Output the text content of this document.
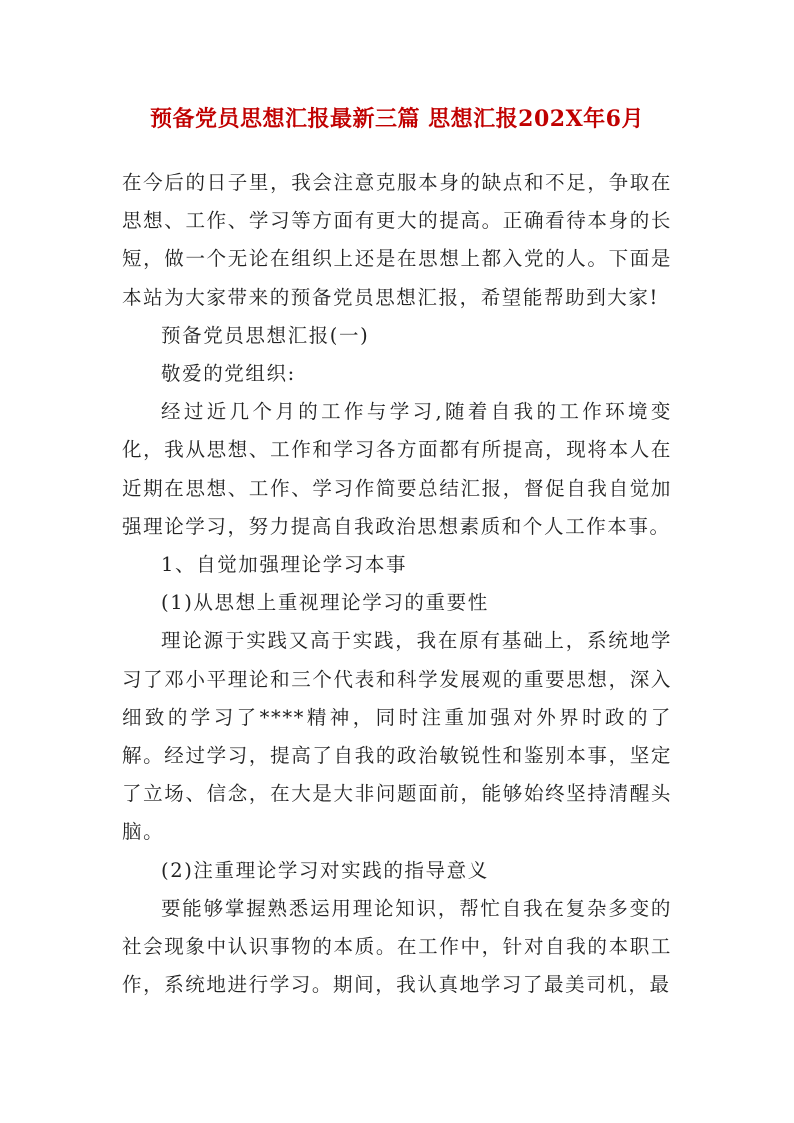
预备党员思想汇报最新三篇 思想汇报202X年6月

在今后的日子里，我会注意克服本身的缺点和不足，争取在思想、工作、学习等方面有更大的提高。正确看待本身的长短，做一个无论在组织上还是在思想上都入党的人。下面是本站为大家带来的预备党员思想汇报，希望能帮助到大家!

预备党员思想汇报(一)

敬爱的党组织:

经过近几个月的工作与学习,随着自我的工作环境变化，我从思想、工作和学习各方面都有所提高，现将本人在近期在思想、工作、学习作简要总结汇报，督促自我自觉加强理论学习，努力提高自我政治思想素质和个人工作本事。

1、自觉加强理论学习本事

(1)从思想上重视理论学习的重要性

理论源于实践又高于实践，我在原有基础上，系统地学习了邓小平理论和三个代表和科学发展观的重要思想，深入细致的学习了****精神，同时注重加强对外界时政的了解。经过学习，提高了自我的政治敏锐性和鉴别本事，坚定了立场、信念，在大是大非问题面前，能够始终坚持清醒头脑。

(2)注重理论学习对实践的指导意义

要能够掌握熟悉运用理论知识，帮忙自我在复杂多变的社会现象中认识事物的本质。在工作中，针对自我的本职工作，系统地进行学习。期间，我认真地学习了最美司机，最
